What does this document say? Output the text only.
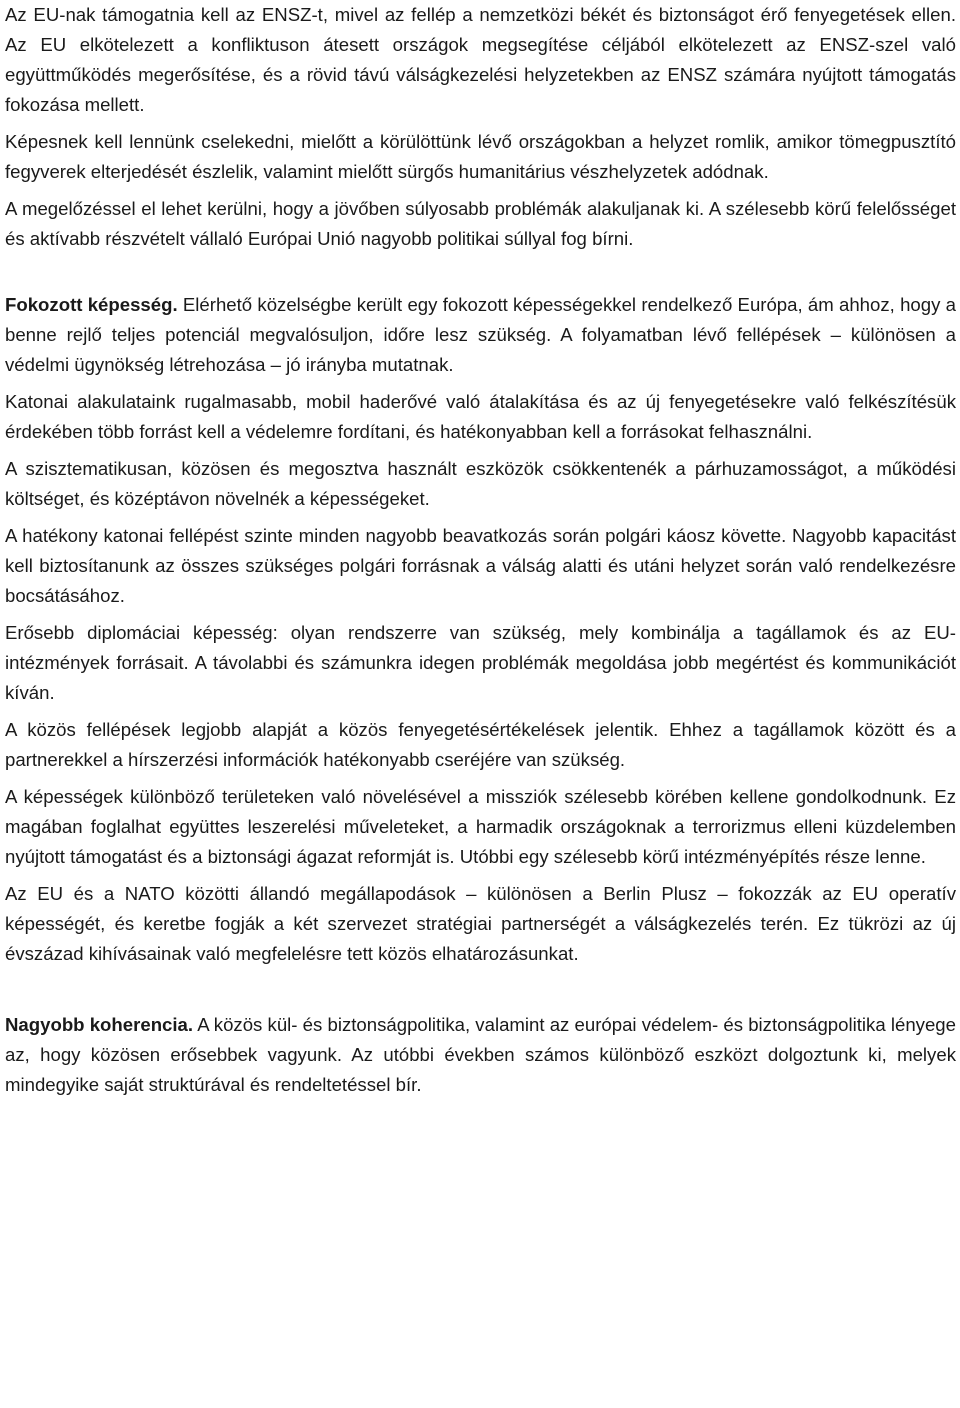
Az EU-nak támogatnia kell az ENSZ-t, mivel az fellép a nemzetközi békét és biztonságot érő fenyegetések ellen. Az EU elkötelezett a konfliktuson átesett országok megsegítése céljából elkötelezett az ENSZ-szel való együttműködés megerősítése, és a rövid távú válságkezelési helyzetekben az ENSZ számára nyújtott támogatás fokozása mellett.

Képesnek kell lennünk cselekedni, mielőtt a körülöttünk lévő országokban a helyzet romlik, amikor tömegpusztító fegyverek elterjedését észlelik, valamint mielőtt sürgős humanitárius vészhelyzetek adódnak.

A megelőzéssel el lehet kerülni, hogy a jövőben súlyosabb problémák alakuljanak ki. A szélesebb körű felelősséget és aktívabb részvételt vállaló Európai Unió nagyobb politikai súllyal fog bírni.

Fokozott képesség. Elérhető közelségbe került egy fokozott képességekkel rendelkező Európa, ám ahhoz, hogy a benne rejlő teljes potenciál megvalósuljon, időre lesz szükség. A folyamatban lévő fellépések – különösen a védelmi ügynökség létrehozása – jó irányba mutatnak.

Katonai alakulataink rugalmasabb, mobil haderővé való átalakítása és az új fenyegetésekre való felkészítésük érdekében több forrást kell a védelemre fordítani, és hatékonyabban kell a forrásokat felhasználni.

A szisztematikusan, közösen és megosztva használt eszközök csökkentenék a párhuzamosságot, a működési költséget, és középtávon növelnék a képességeket.

A hatékony katonai fellépést szinte minden nagyobb beavatkozás során polgári káosz követte. Nagyobb kapacitást kell biztosítanunk az összes szükséges polgári forrásnak a válság alatti és utáni helyzet során való rendelkezésre bocsátásához.

Erősebb diplomáciai képesség: olyan rendszerre van szükség, mely kombinálja a tagállamok és az EU-intézmények forrásait. A távolabbi és számunkra idegen problémák megoldása jobb megértést és kommunikációt kíván.

A közös fellépések legjobb alapját a közös fenyegetésértékelések jelentik. Ehhez a tagállamok között és a partnerekkel a hírszerzési információk hatékonyabb cseréjére van szükség.

A képességek különböző területeken való növelésével a missziók szélesebb körében kellene gondolkodnunk. Ez magában foglalhat együttes leszerelési műveleteket, a harmadik országoknak a terrorizmus elleni küzdelemben nyújtott támogatást és a biztonsági ágazat reformját is. Utóbbi egy szélesebb körű intézményépítés része lenne.

Az EU és a NATO közötti állandó megállapodások – különösen a Berlin Plusz – fokozzák az EU operatív képességét, és keretbe fogják a két szervezet stratégiai partnerségét a válságkezelés terén. Ez tükrözi az új évszázad kihívásainak való megfelelésre tett közös elhatározásunkat.

Nagyobb koherencia. A közös kül- és biztonságpolitika, valamint az európai védelem- és biztonságpolitika lényege az, hogy közösen erősebbek vagyunk. Az utóbbi években számos különböző eszközt dolgoztunk ki, melyek mindegyike saját struktúrával és rendeltetéssel bír.
